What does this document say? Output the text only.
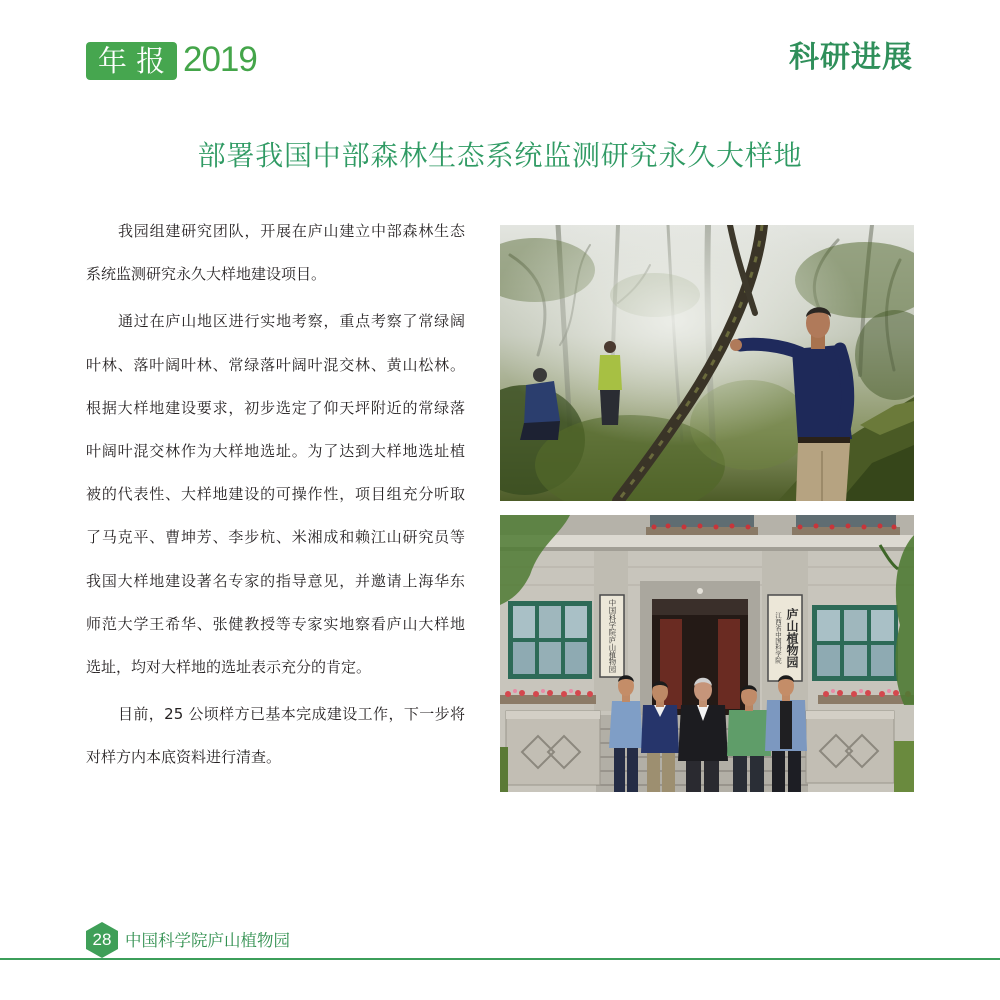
年 报 2019	科研进展
部署我国中部森林生态系统监测研究永久大样地
我园组建研究团队，开展在庐山建立中部森林生态
系统监测研究永久大样地建设项目。
通过在庐山地区进行实地考察，重点考察了常绿阔
叶林、落叶阔叶林、常绿落叶阔叶混交林、黄山松林。
根据大样地建设要求，初步选定了仰天坪附近的常绿落
叶阔叶混交林作为大样地选址。为了达到大样地选址植
被的代表性、大样地建设的可操作性，项目组充分听取
了马克平、曹坤芳、李步杭、米湘成和赖江山研究员等
我国大样地建设著名专家的指导意见，并邀请上海华东
师范大学王希华、张健教授等专家实地察看庐山大样地
选址，均对大样地的选址表示充分的肯定。
目前，25 公顷样方已基本完成建设工作，下一步将
对样方内本底资料进行清查。
中国科学院庐山植物园	庐山植物园
江西省中国科学院
28 中国科学院庐山植物园
